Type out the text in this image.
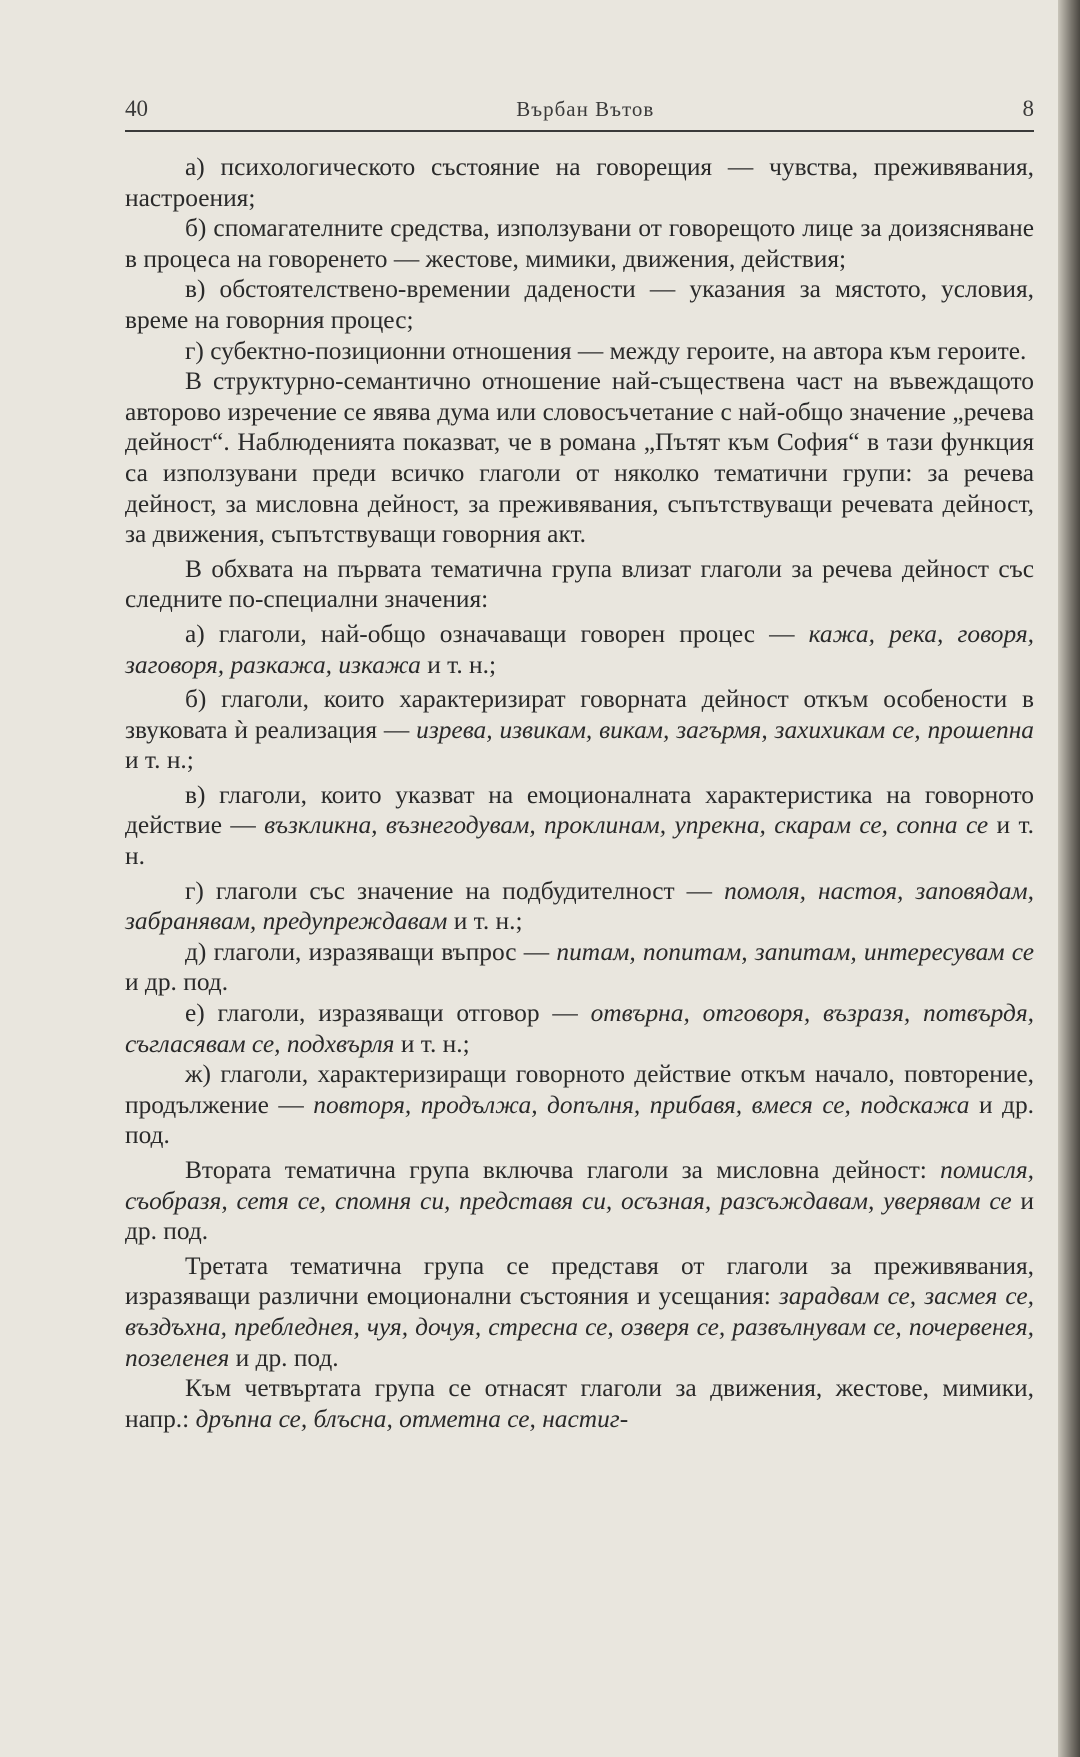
40	Върбан Вътов	8

а) психологическото състояние на говорещия — чувства, преживявания, настроения;

б) спомагателните средства, използувани от говорещото лице за доизясняване в процеса на говоренето — жестове, мимики, движения, действия;

в) обстоятелствено-времении дадености — указания за мястото, условия, време на говорния процес;

г) субектно-позиционни отношения — между героите, на автора към героите.

В структурно-семантично отношение най-съществена част на въвеждащото авторово изречение се явява дума или словосъчетание с най-общо значение „речева дейност“. Наблюденията показват, че в романа „Пътят към София“ в тази функция са използувани преди всичко глаголи от няколко тематични групи: за речева дейност, за мисловна дейност, за преживявания, съпътствуващи речевата дейност, за движения, съпътствуващи говорния акт.

В обхвата на първата тематична група влизат глаголи за речева дейност със следните по-специални значения:

а) глаголи, най-общо означаващи говорен процес — кажа, река, говоря, заговоря, разкажа, изкажа и т. н.;

б) глаголи, които характеризират говорната дейност откъм особености в звуковата ѝ реализация — изрева, извикам, викам, загърмя, захихикам се, прошепна и т. н.;

в) глаголи, които указват на емоционалната характеристика на говорното действие — възкликна, възнегодувам, проклинам, упрекна, скарам се, сопна се и т. н.

г) глаголи със значение на подбудителност — помоля, настоя, заповядам, забранявам, предупреждавам и т. н.;

д) глаголи, изразяващи въпрос — питам, попитам, запитам, интересувам се и др. под.

е) глаголи, изразяващи отговор — отвърна, отговоря, възразя, потвърдя, съгласявам се, подхвърля и т. н.;

ж) глаголи, характеризиращи говорното действие откъм начало, повторение, продължение — повторя, продължа, допълня, прибавя, вмеся се, подскажа и др. под.

Втората тематична група включва глаголи за мисловна дейност: помисля, съобразя, сетя се, спомня си, представя си, осъзная, разсъждавам, уверявам се и др. под.

Третата тематична група се представя от глаголи за преживявания, изразяващи различни емоционални състояния и усещания: зарадвам се, засмея се, въздъхна, пребледнея, чуя, дочуя, стресна се, озверя се, развълнувам се, почервенея, позеленея и др. под.

Към четвъртата група се отнасят глаголи за движения, жестове, мимики, напр.: дръпна се, блъсна, отметна се, настиг-
